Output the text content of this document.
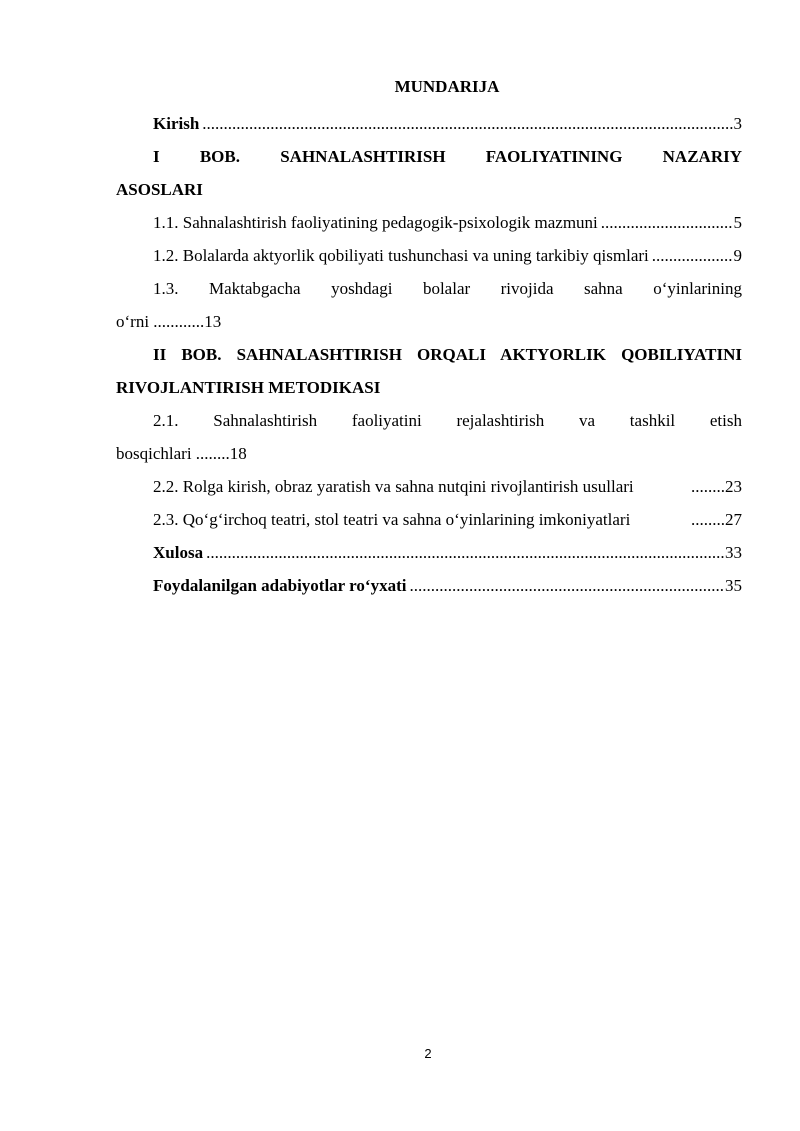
MUNDARIJA
Kirish .....	3
I BOB. SAHNALASHTIRISH FAOLIYATINING NAZARIY
ASOSLARI
1.1. Sahnalashtirish faoliyatining pedagogik-psixologik mazmuni .....	5
1.2. Bolalarda aktyorlik qobiliyati tushunchasi va uning tarkibiy qismlari .....	9
1.3. Maktabgacha yoshdagi bolalar rivojida sahna o‘yinlarining
o‘rni ............13
II BOB. SAHNALASHTIRISH ORQALI AKTYORLIK QOBILIYATINI
RIVOJLANTIRISH METODIKASI
2.1. Sahnalashtirish faoliyatini rejalashtirish va tashkil etish
bosqichlari ........18
2.2. Rolga kirish, obraz yaratish va sahna nutqini rivojlantirish usullari	........23
2.3. Qo‘g‘irchoq teatri, stol teatri va sahna o‘yinlarining imkoniyatlari	........27
Xulosa .....	33
Foydalanilgan adabiyotlar ro‘yxati .....	35
2
